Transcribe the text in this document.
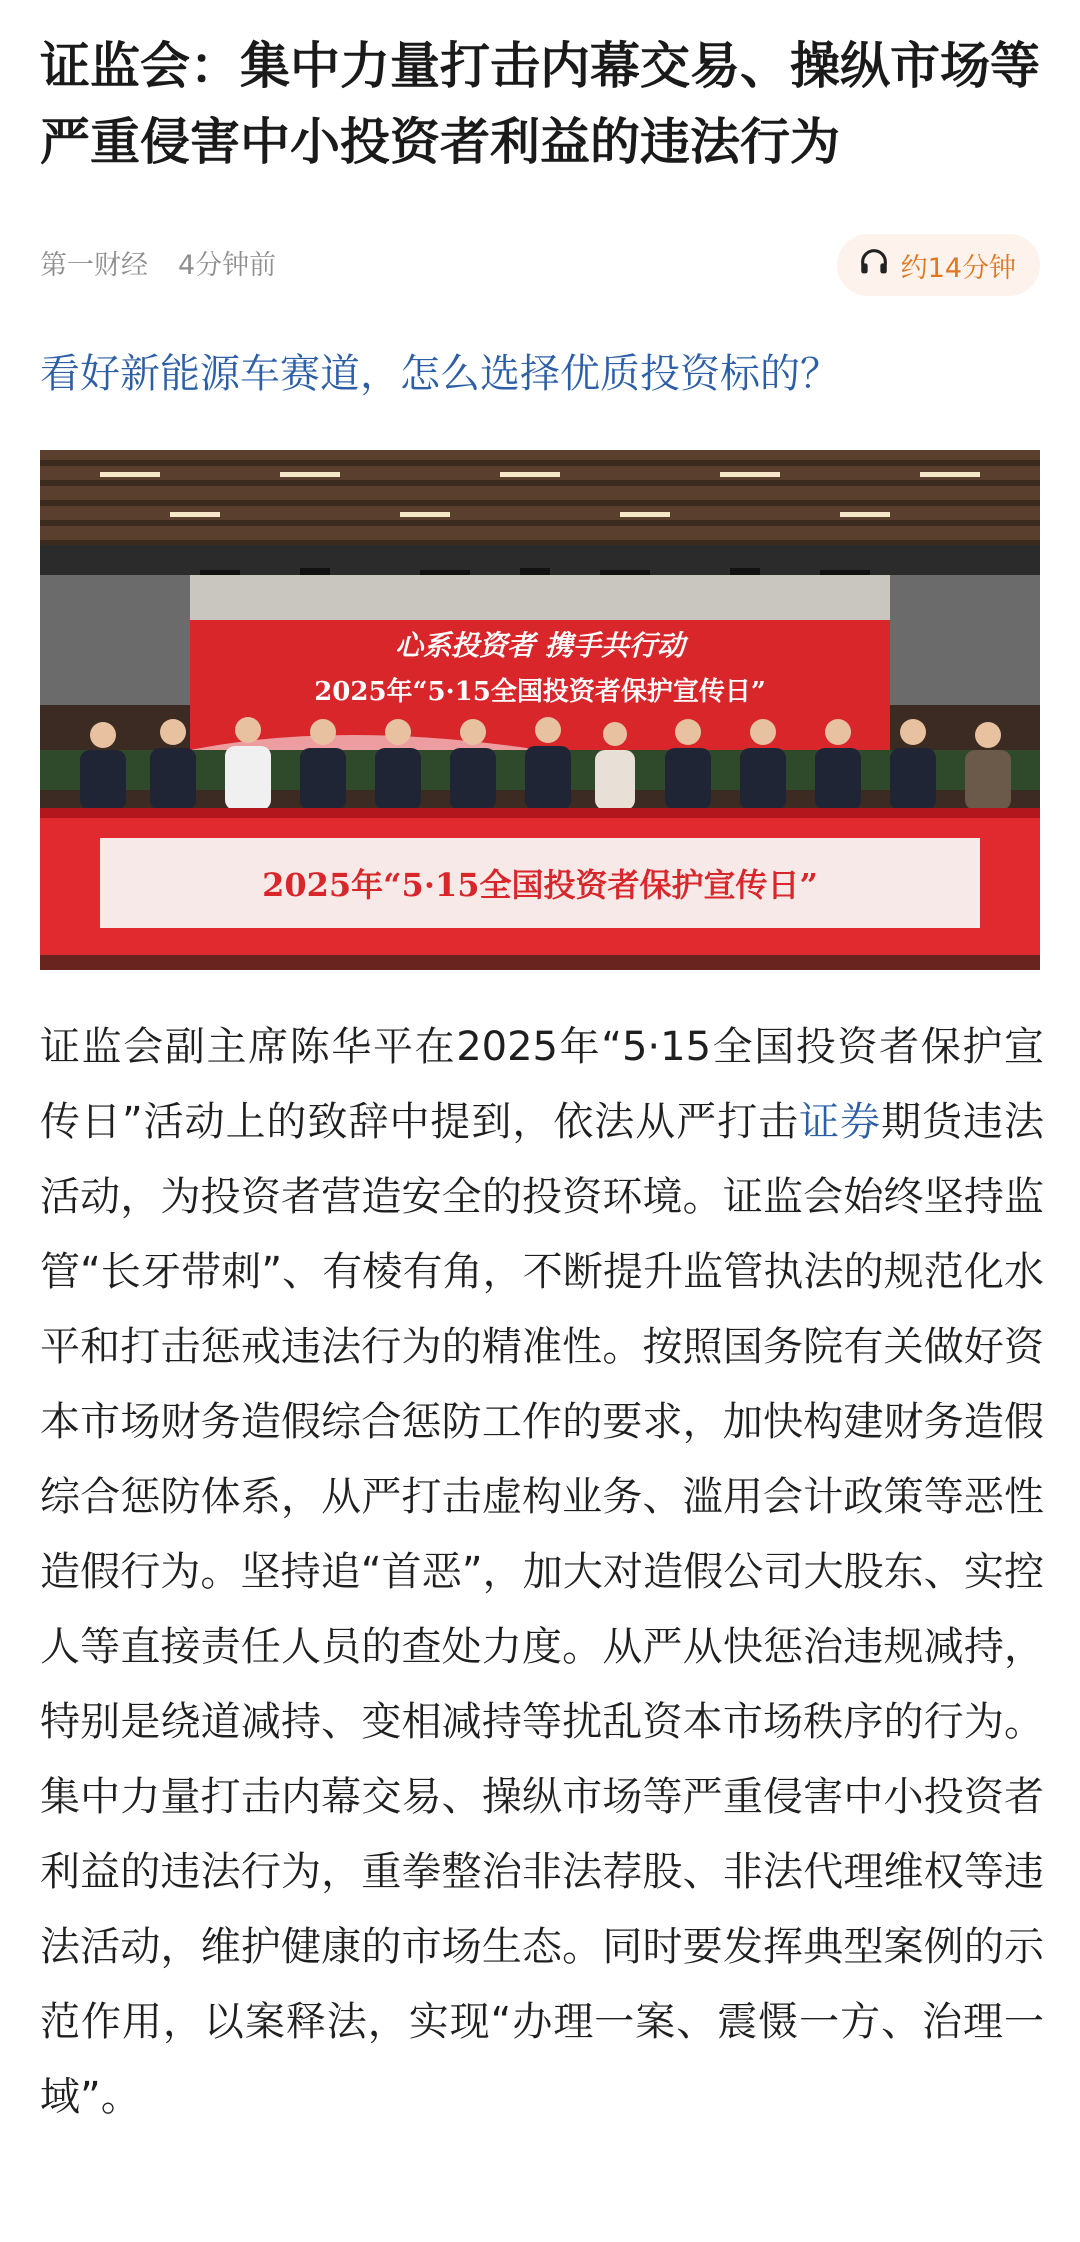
证监会：集中力量打击内幕交易、操纵市场等严重侵害中小投资者利益的违法行为
第一财经 4分钟前	约14分钟
看好新能源车赛道，怎么选择优质投资标的？
心系投资者 携手共行动
2025年“5·15全国投资者保护宣传日”
2025年“5·15全国投资者保护宣传日”

证监会副主席陈华平在2025年“5·15全国投资者保护宣传日”活动上的致辞中提到，依法从严打击证券期货违法活动，为投资者营造安全的投资环境。证监会始终坚持监管“长牙带刺”、有棱有角，不断提升监管执法的规范化水平和打击惩戒违法行为的精准性。按照国务院有关做好资本市场财务造假综合惩防工作的要求，加快构建财务造假综合惩防体系，从严打击虚构业务、滥用会计政策等恶性造假行为。坚持追“首恶”，加大对造假公司大股东、实控人等直接责任人员的查处力度。从严从快惩治违规减持，特别是绕道减持、变相减持等扰乱资本市场秩序的行为。集中力量打击内幕交易、操纵市场等严重侵害中小投资者利益的违法行为，重拳整治非法荐股、非法代理维权等违法活动，维护健康的市场生态。同时要发挥典型案例的示范作用，以案释法，实现“办理一案、震慑一方、治理一域”。
